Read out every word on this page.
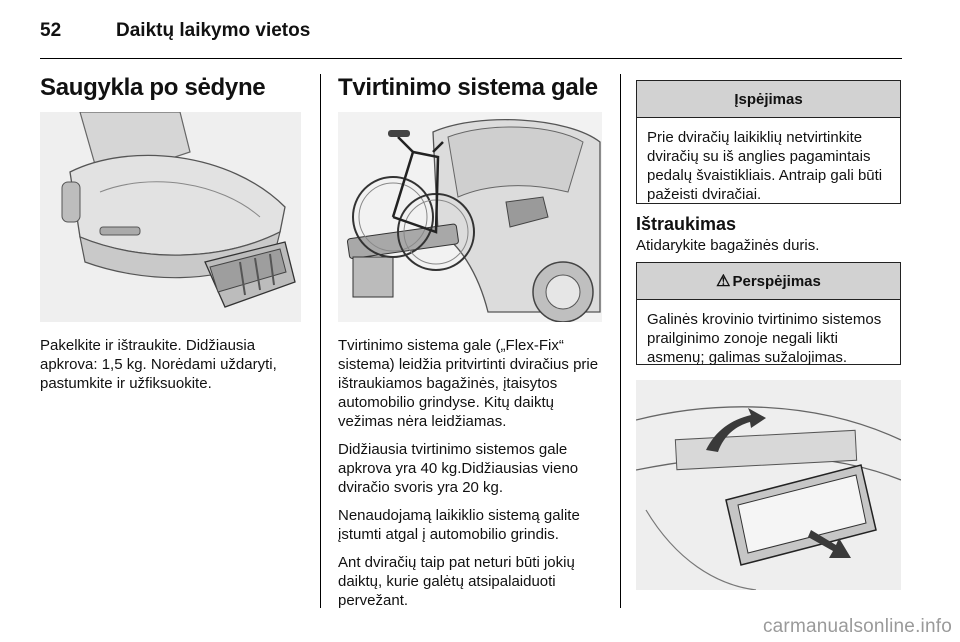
52	Daiktų laikymo vietos
Saugykla po sėdyne
Pakelkite ir ištraukite. Didžiausia apkrova: 1,5 kg. Norėdami uždaryti, pastumkite ir užfiksuokite.
Tvirtinimo sistema gale

Tvirtinimo sistema gale („Flex-Fix“ sistema) leidžia pritvirtinti dviračius prie ištraukiamos bagažinės, įtaisytos automobilio grindyse. Kitų daiktų vežimas nėra leidžiamas.

Didžiausia tvirtinimo sistemos gale apkrova yra 40 kg.Didžiausias vieno dviračio svoris yra 20 kg.

Nenaudojamą laikiklio sistemą galite įstumti atgal į automobilio grindis.

Ant dviračių taip pat neturi būti jokių daiktų, kurie galėtų atsipalaiduoti pervežant.

Įspėjimas
Prie dviračių laikiklių netvirtinkite dviračių su iš anglies pagamintais pedalų švaistikliais. Antraip gali būti pažeisti dviračiai.
Ištraukimas
Atidarykite bagažinės duris.
⚠ Perspėjimas
Galinės krovinio tvirtinimo sistemos prailginimo zonoje negali likti asmenų; galimas sužalojimas.
carmanualsonline.info
